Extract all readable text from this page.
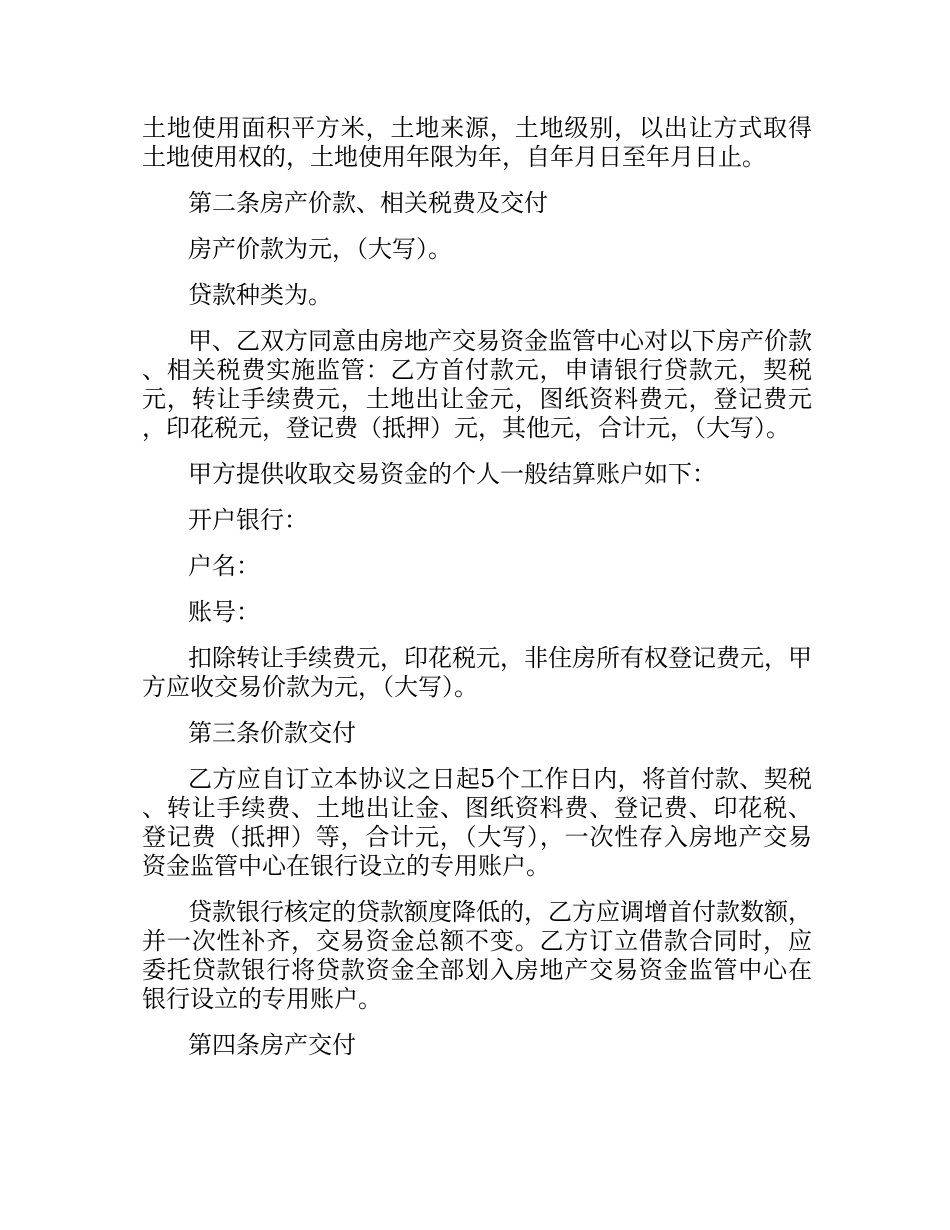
土地使用面积平方米，土地来源，土地级别，以出让方式取得土地使用权的，土地使用年限为年，自年月日至年月日止。

第二条房产价款、相关税费及交付

房产价款为元，（大写）。

贷款种类为。

甲、乙双方同意由房地产交易资金监管中心对以下房产价款、相关税费实施监管：乙方首付款元，申请银行贷款元，契税元，转让手续费元，土地出让金元，图纸资料费元，登记费元，印花税元，登记费（抵押）元，其他元，合计元，（大写）。

甲方提供收取交易资金的个人一般结算账户如下：

开户银行：

户名：

账号：

扣除转让手续费元，印花税元，非住房所有权登记费元，甲方应收交易价款为元，（大写）。

第三条价款交付

乙方应自订立本协议之日起5个工作日内，将首付款、契税、转让手续费、土地出让金、图纸资料费、登记费、印花税、登记费（抵押）等，合计元，（大写），一次性存入房地产交易资金监管中心在银行设立的专用账户。

贷款银行核定的贷款额度降低的，乙方应调增首付款数额，并一次性补齐，交易资金总额不变。乙方订立借款合同时，应委托贷款银行将贷款资金全部划入房地产交易资金监管中心在银行设立的专用账户。

第四条房产交付
